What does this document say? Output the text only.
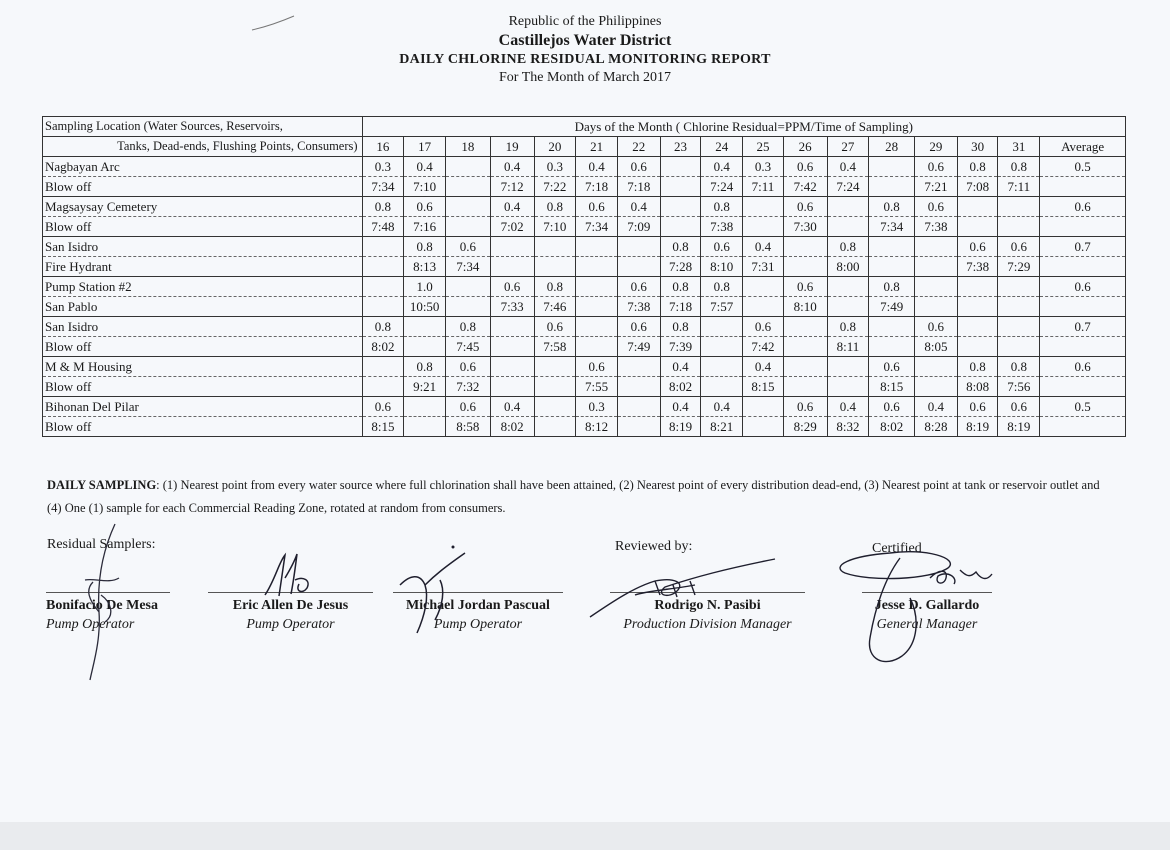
Republic of the Philippines
Castillejos Water District
DAILY CHLORINE RESIDUAL MONITORING REPORT
For The Month of March 2017
Sampling Location (Water Sources, Reservoirs,	Days of the Month ( Chlorine Residual=PPM/Time of Sampling)																
Tanks, Dead-ends, Flushing Points, Consumers)	16	17	18	19	20	21	22	23	24	25	26	27	28	29	30	31	Average
Nagbayan Arc	0.3	0.4		0.4	0.3	0.4	0.6		0.4	0.3	0.6	0.4		0.6	0.8	0.8	0.5
Blow off	7:34	7:10		7:12	7:22	7:18	7:18		7:24	7:11	7:42	7:24		7:21	7:08	7:11	
Magsaysay Cemetery	0.8	0.6		0.4	0.8	0.6	0.4		0.8		0.6		0.8	0.6			0.6
Blow off	7:48	7:16		7:02	7:10	7:34	7:09		7:38		7:30		7:34	7:38			
San Isidro		0.8	0.6					0.8	0.6	0.4		0.8			0.6	0.6	0.7
Fire Hydrant		8:13	7:34					7:28	8:10	7:31		8:00			7:38	7:29	
Pump Station #2		1.0		0.6	0.8		0.6	0.8	0.8		0.6		0.8				0.6
San Pablo		10:50		7:33	7:46		7:38	7:18	7:57		8:10		7:49				
San Isidro	0.8		0.8		0.6		0.6	0.8		0.6		0.8		0.6			0.7
Blow off	8:02		7:45		7:58		7:49	7:39		7:42		8:11		8:05			
M & M Housing		0.8	0.6			0.6		0.4		0.4			0.6		0.8	0.8	0.6
Blow off		9:21	7:32			7:55		8:02		8:15			8:15		8:08	7:56	
Bihonan Del Pilar	0.6		0.6	0.4		0.3		0.4	0.4		0.6	0.4	0.6	0.4	0.6	0.6	0.5
Blow off	8:15		8:58	8:02		8:12		8:19	8:21		8:29	8:32	8:02	8:28	8:19	8:19	
DAILY SAMPLING: (1) Nearest point from every water source where full chlorination shall have been attained, (2) Nearest point of every distribution dead-end, (3) Nearest point at tank or reservoir outlet and (4) One (1) sample for each Commercial Reading Zone, rotated at random from consumers.
Residual Samplers:	Reviewed by:	Certified
Bonifacio De Mesa
Pump Operator
Eric Allen De Jesus
Pump Operator
Michael Jordan Pascual
Pump Operator
Rodrigo N. Pasibi
Production Division Manager
Jesse D. Gallardo
General Manager
